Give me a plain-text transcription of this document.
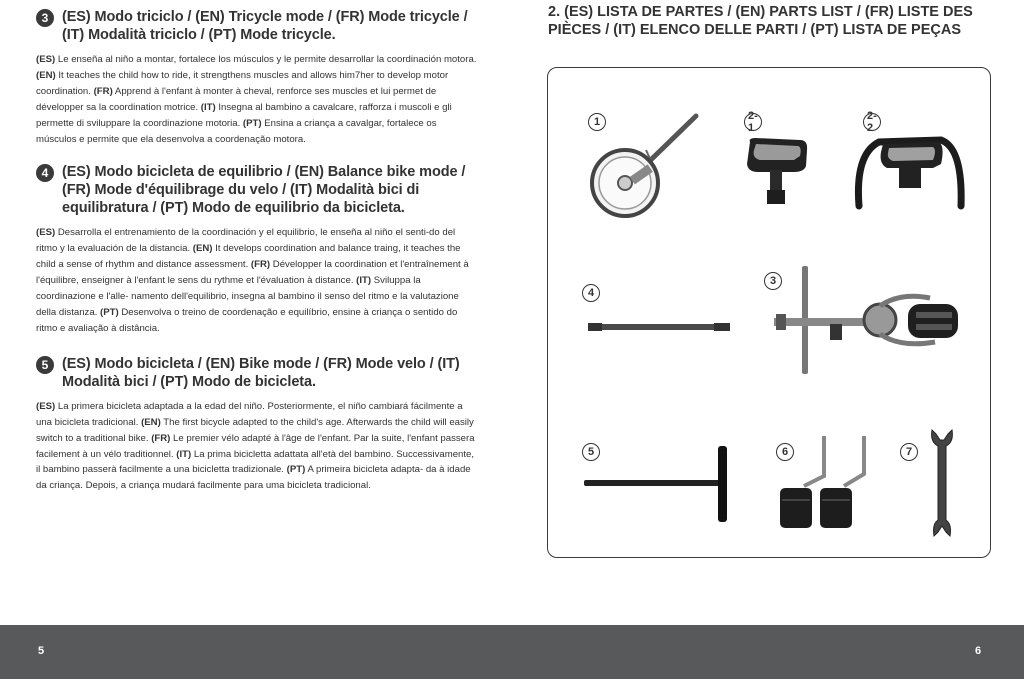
3 (ES) Modo triciclo / (EN) Tricycle mode / (FR) Mode tricycle / (IT) Modalità triciclo / (PT) Mode tricycle.

(ES) Le enseña al niño a montar, fortalece los músculos y le permite desarrollar la coordinación motora. (EN) It teaches the child how to ride, it strengthens muscles and allows him7her to develop motor coordination. (FR) Apprend à l'enfant à monter à cheval, renforce ses muscles et lui permet de développer sa la coordination motrice. (IT) Insegna al bambino a cavalcare, rafforza i muscoli e gli permette di sviluppare la coordinazione motoria. (PT) Ensina a criança a cavalgar, fortalece os músculos e permite que ela desenvolva a coordenação motora.

4 (ES) Modo bicicleta de equilibrio / (EN) Balance bike mode / (FR) Mode d'équilibrage du velo / (IT) Modalità bici di equilibratura / (PT) Modo de equilibrio da bicicleta.

(ES) Desarrolla el entrenamiento de la coordinación y el equilibrio, le enseña al niño el senti-do del ritmo y la evaluación de la distancia. (EN) It develops coordination and balance traing, it teaches the child a sense of rhythm and distance assessment. (FR) Développer la coordination et l'entraînement à l'équilibre, enseigner à l'enfant le sens du rythme et l'évaluation à distance. (IT) Sviluppa la coordinazione e l'alle- namento dell'equilibrio, insegna al bambino il senso del ritmo e la valutazione della distanza. (PT) Desenvolva o treino de coordenação e equilíbrio, ensine à criança o sentido do ritmo e avaliação à distância.

5 (ES) Modo bicicleta / (EN) Bike mode / (FR) Mode velo / (IT) Modalità bici / (PT) Modo de bicicleta.

(ES) La primera bicicleta adaptada a la edad del niño. Posteriormente, el niño cambiará fácilmente a una bicicleta tradicional. (EN) The first bicycle adapted to the child's age. Afterwards the child will easily switch to a traditional bike. (FR) Le premier vélo adapté à l'âge de l'enfant. Par la suite, l'enfant passera facilement à un vélo traditionnel. (IT) La prima bicicletta adattata all'età del bambino. Successivamente, il bambino passerà facilmente a una bicicletta tradizionale. (PT) A primeira bicicleta adapta- da à idade da criança. Depois, a criança mudará facilmente para uma bicicleta tradicional.

2. (ES) LISTA DE PARTES / (EN) PARTS LIST / (FR) LISTE DES PIÈCES / (IT) ELENCO DELLE PARTI / (PT) LISTA DE PEÇAS
1	2-1
2-2
4
3
5	6	7
5	6
